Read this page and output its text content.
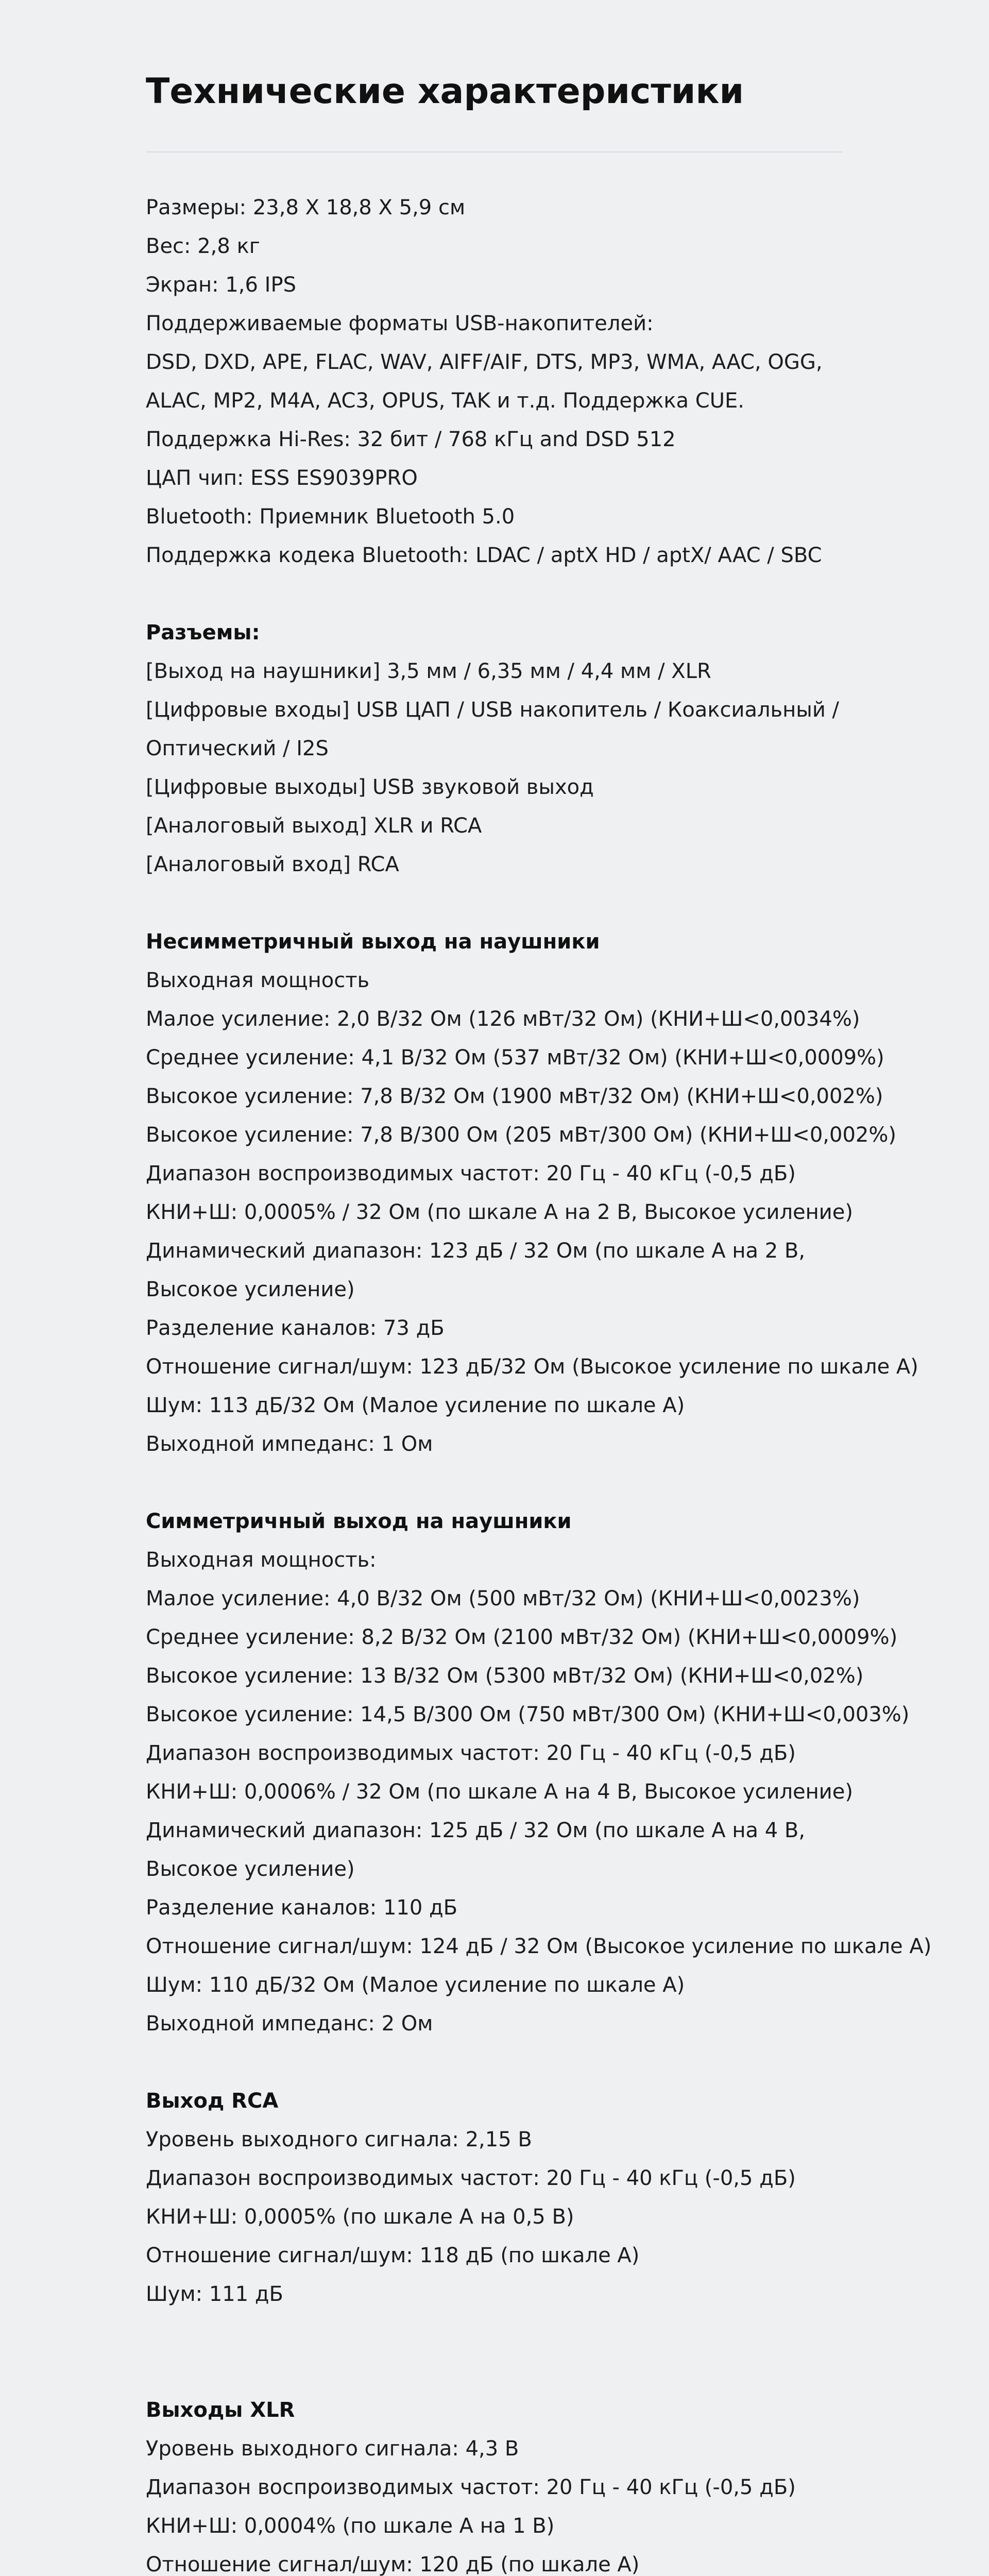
Технические характеристики
Размеры: 23,8 X 18,8 X 5,9 см
Вес: 2,8 кг
Экран: 1,6 IPS
Поддерживаемые форматы USB-накопителей:
DSD, DXD, APE, FLAC, WAV, AIFF/AIF, DTS, MP3, WMA, AAC, OGG,
ALAC, MP2, M4A, AC3, OPUS, TAK и т.д. Поддержка CUE.
Поддержка Hi-Res: 32 бит / 768 кГц and DSD 512
ЦАП чип: ESS ES9039PRO
Bluetooth: Приемник Bluetooth 5.0
Поддержка кодека Bluetooth: LDAC / aptX HD / aptX/ AAC / SBC
Разъемы:
[Выход на наушники] 3,5 мм / 6,35 мм / 4,4 мм / XLR
[Цифровые входы] USB ЦАП / USB накопитель / Коаксиальный /
Оптический / I2S
[Цифровые выходы] USB звуковой выход
[Аналоговый выход] XLR и RCA
[Аналоговый вход] RCA
Несимметричный выход на наушники
Выходная мощность
Малое усиление: 2,0 В/32 Ом (126 мВт/32 Ом) (КНИ+Ш<0,0034%)
Среднее усиление: 4,1 В/32 Ом (537 мВт/32 Ом) (КНИ+Ш<0,0009%)
Высокое усиление: 7,8 В/32 Ом (1900 мВт/32 Ом) (КНИ+Ш<0,002%)
Высокое усиление: 7,8 В/300 Ом (205 мВт/300 Ом) (КНИ+Ш<0,002%)
Диапазон воспроизводимых частот: 20 Гц - 40 кГц (-0,5 дБ)
КНИ+Ш: 0,0005% / 32 Ом (по шкале А на 2 В, Высокое усиление)
Динамический диапазон: 123 дБ / 32 Ом (по шкале А на 2 В,
Высокое усиление)
Разделение каналов: 73 дБ
Отношение сигнал/шум: 123 дБ/32 Ом (Высокое усиление по шкале А)
Шум: 113 дБ/32 Ом (Малое усиление по шкале А)
Выходной импеданс: 1 Ом
Симметричный выход на наушники
Выходная мощность:
Малое усиление: 4,0 В/32 Ом (500 мВт/32 Ом) (КНИ+Ш<0,0023%)
Среднее усиление: 8,2 В/32 Ом (2100 мВт/32 Ом) (КНИ+Ш<0,0009%)
Высокое усиление: 13 В/32 Ом (5300 мВт/32 Ом) (КНИ+Ш<0,02%)
Высокое усиление: 14,5 В/300 Ом (750 мВт/300 Ом) (КНИ+Ш<0,003%)
Диапазон воспроизводимых частот: 20 Гц - 40 кГц (-0,5 дБ)
КНИ+Ш: 0,0006% / 32 Ом (по шкале А на 4 В, Высокое усиление)
Динамический диапазон: 125 дБ / 32 Ом (по шкале А на 4 В,
Высокое усиление)
Разделение каналов: 110 дБ
Отношение сигнал/шум: 124 дБ / 32 Ом (Высокое усиление по шкале А)
Шум: 110 дБ/32 Ом (Малое усиление по шкале А)
Выходной импеданс: 2 Ом
Выход RCA
Уровень выходного сигнала: 2,15 В
Диапазон воспроизводимых частот: 20 Гц - 40 кГц (-0,5 дБ)
КНИ+Ш: 0,0005% (по шкале А на 0,5 В)
Отношение сигнал/шум: 118 дБ (по шкале А)
Шум: 111 дБ
Выходы XLR
Уровень выходного сигнала: 4,3 В
Диапазон воспроизводимых частот: 20 Гц - 40 кГц (-0,5 дБ)
КНИ+Ш: 0,0004% (по шкале А на 1 В)
Отношение сигнал/шум: 120 дБ (по шкале А)
